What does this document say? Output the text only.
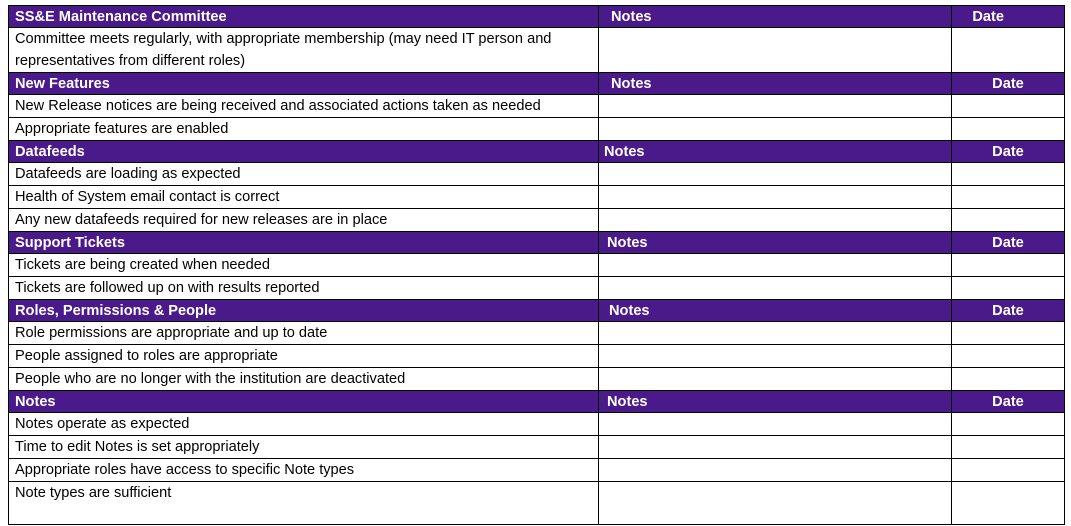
SS&E Maintenance Committee	Notes	Date
Committee meets regularly, with appropriate membership (may need IT person and representatives from different roles)		
New Features	Notes	Date
New Release notices are being received and associated actions taken as needed		
Appropriate features are enabled		
Datafeeds	Notes	Date
Datafeeds are loading as expected		
Health of System email contact is correct		
Any new datafeeds required for new releases are in place		
Support Tickets	Notes	Date
Tickets are being created when needed		
Tickets are followed up on with results reported		
Roles, Permissions & People	Notes	Date
Role permissions are appropriate and up to date		
People assigned to roles are appropriate		
People who are no longer with the institution are deactivated		
Notes	Notes	Date
Notes operate as expected		
Time to edit Notes is set appropriately		
Appropriate roles have access to specific Note types		
Note types are sufficient		
